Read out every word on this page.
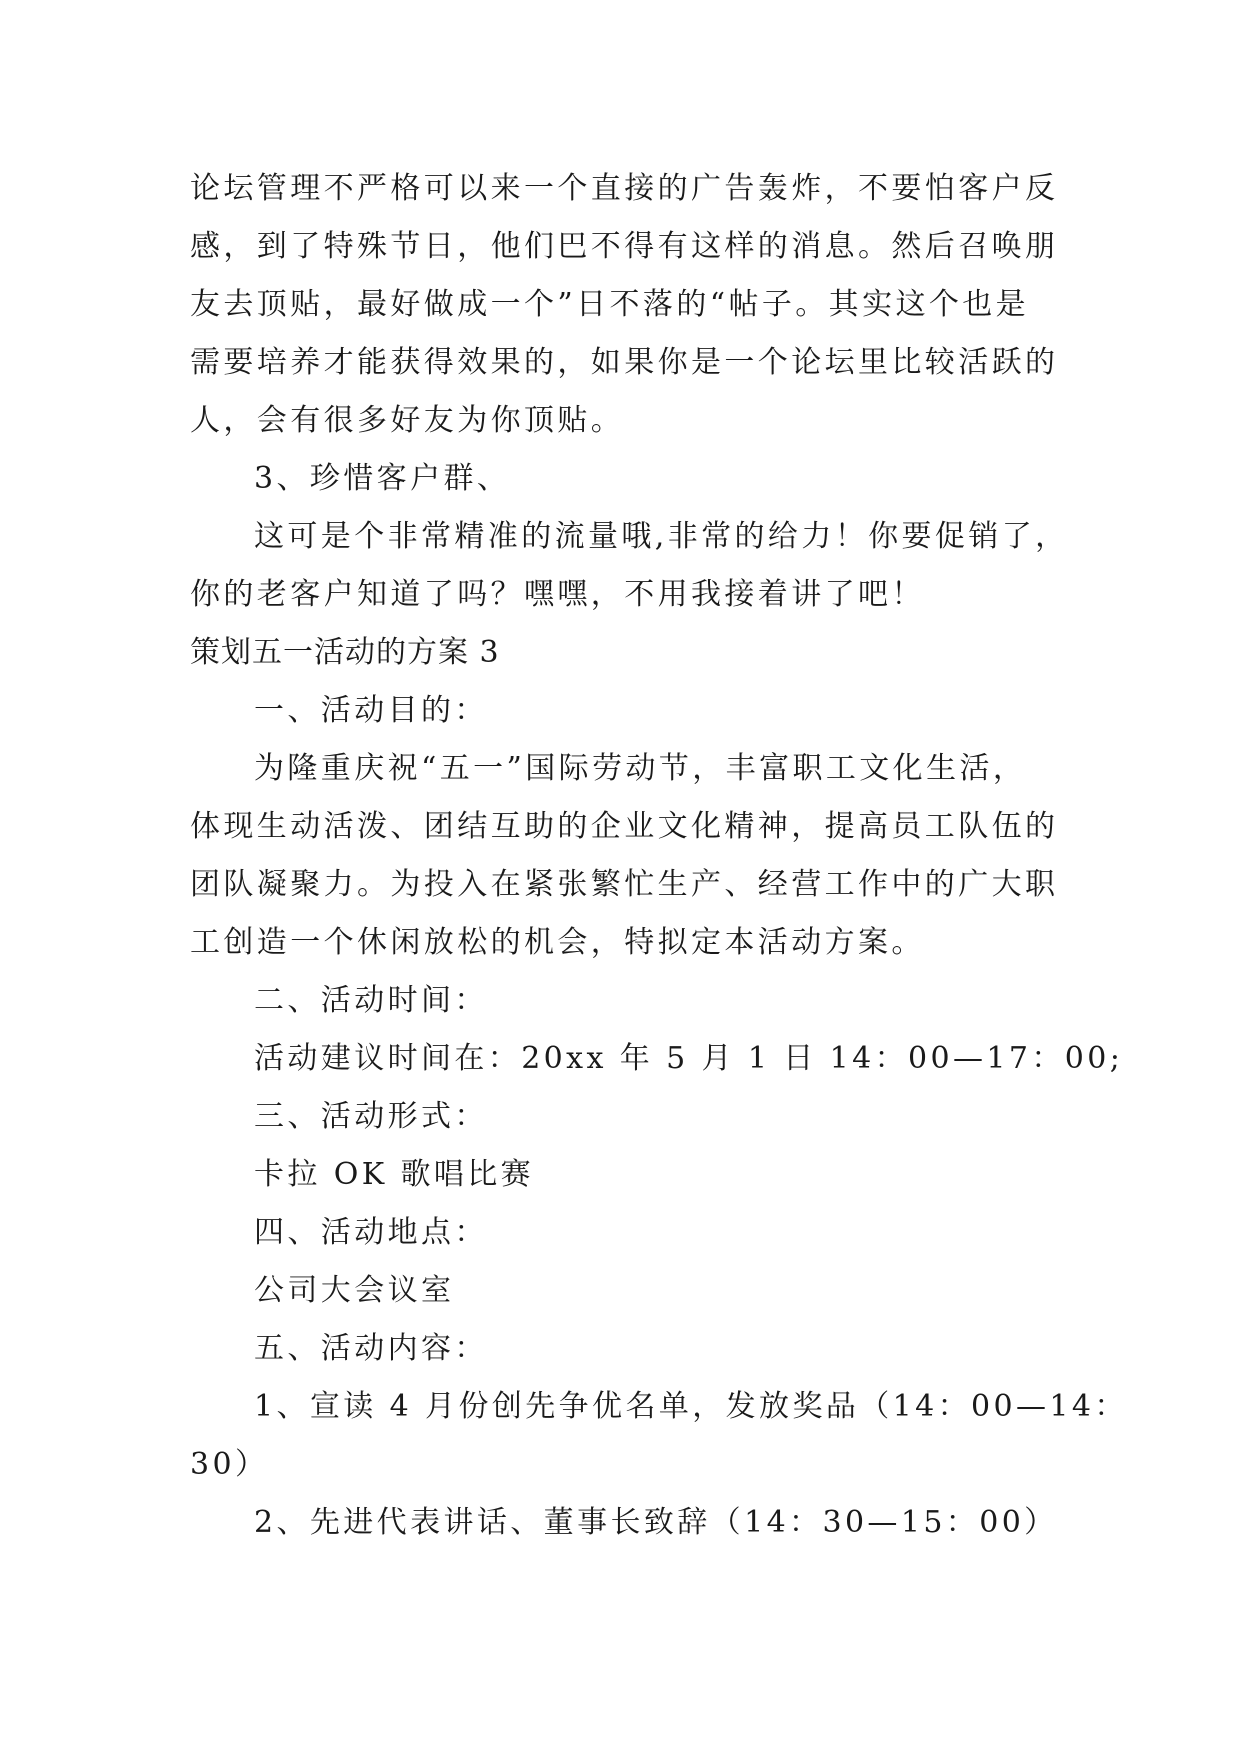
论坛管理不严格可以来一个直接的广告轰炸，不要怕客户反
感，到了特殊节日，他们巴不得有这样的消息。然后召唤朋
友去顶贴，最好做成一个”日不落的“帖子。其实这个也是
需要培养才能获得效果的，如果你是一个论坛里比较活跃的
人，会有很多好友为你顶贴。
3、珍惜客户群、
这可是个非常精准的流量哦,非常的给力！你要促销了，
你的老客户知道了吗？嘿嘿，不用我接着讲了吧！
策划五一活动的方案 3
一、活动目的：
为隆重庆祝“五一”国际劳动节，丰富职工文化生活，
体现生动活泼、团结互助的企业文化精神，提高员工队伍的
团队凝聚力。为投入在紧张繁忙生产、经营工作中的广大职
工创造一个休闲放松的机会，特拟定本活动方案。
二、活动时间：
活动建议时间在：20xx 年 5 月 1 日 14：00—17：00;
三、活动形式：
卡拉 OK 歌唱比赛
四、活动地点：
公司大会议室
五、活动内容：
1、宣读 4 月份创先争优名单，发放奖品（14：00—14：
30）
2、先进代表讲话、董事长致辞（14：30—15：00）
